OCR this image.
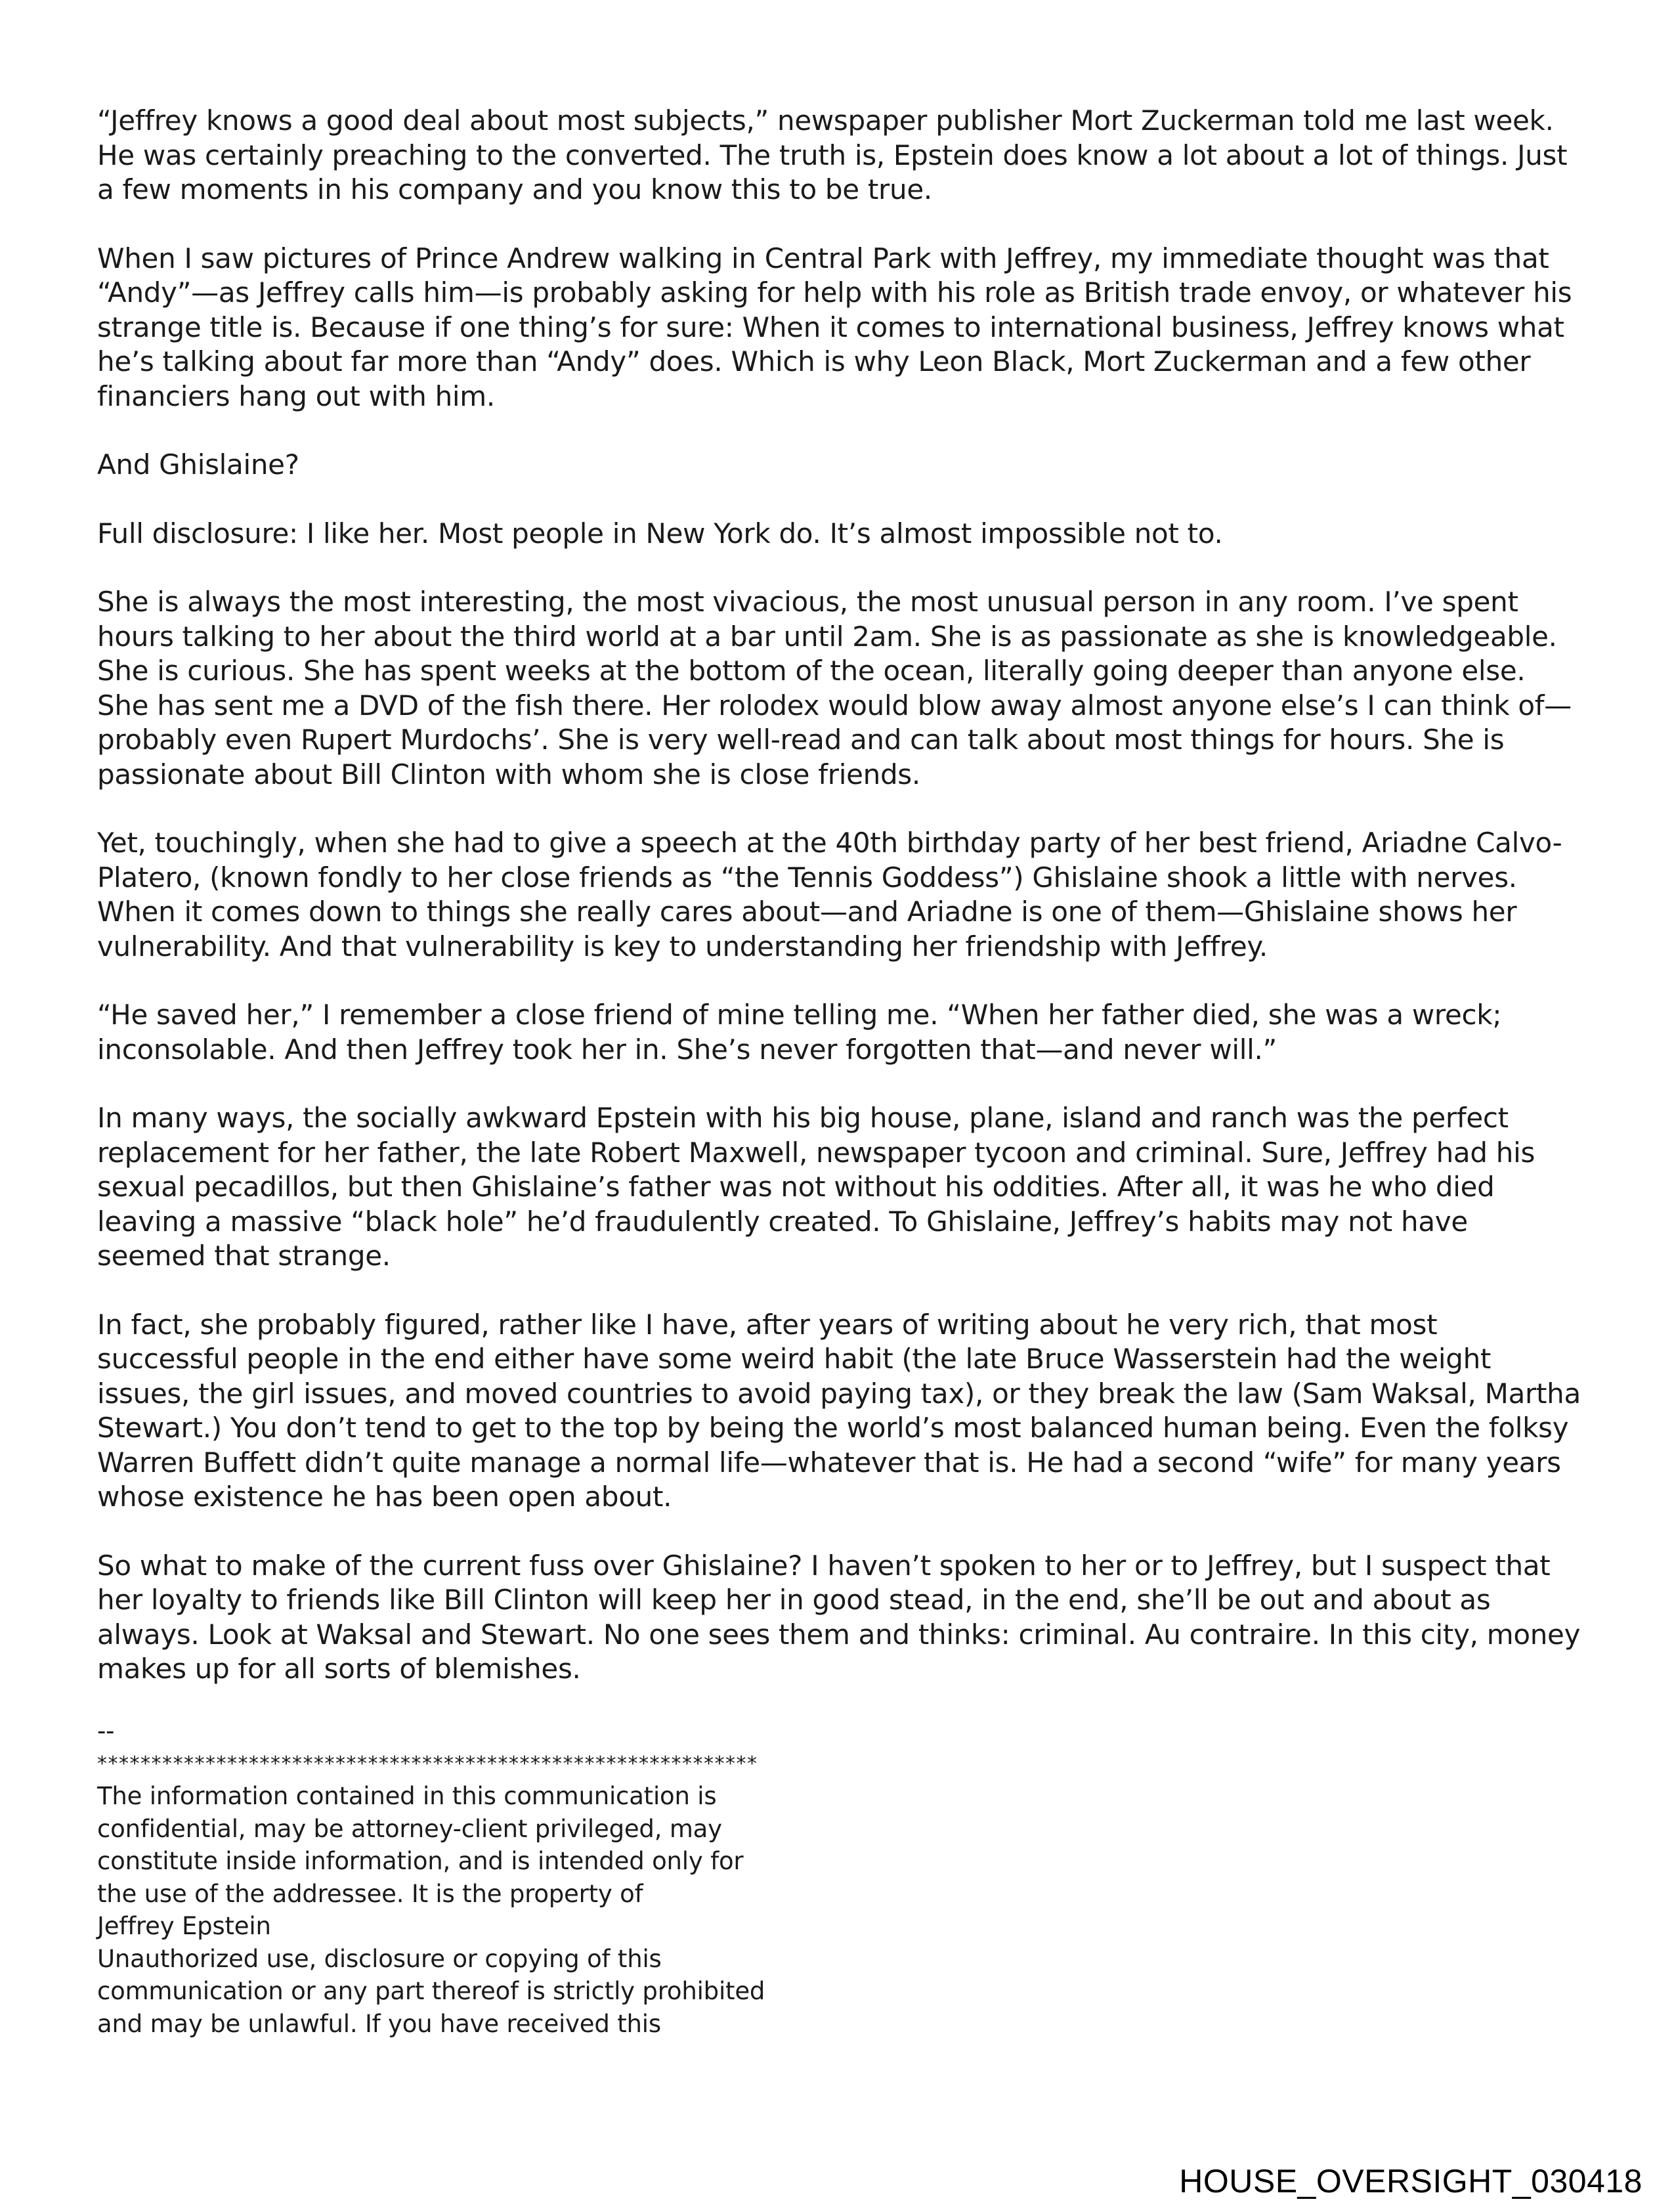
“Jeffrey knows a good deal about most subjects,” newspaper publisher Mort Zuckerman told me last week. He was certainly preaching to the converted. The truth is, Epstein does know a lot about a lot of things. Just a few moments in his company and you know this to be true.

When I saw pictures of Prince Andrew walking in Central Park with Jeffrey, my immediate thought was that “Andy”—as Jeffrey calls him—is probably asking for help with his role as British trade envoy, or whatever his strange title is. Because if one thing’s for sure: When it comes to international business, Jeffrey knows what he’s talking about far more than “Andy” does. Which is why Leon Black, Mort Zuckerman and a few other financiers hang out with him.

And Ghislaine?

Full disclosure: I like her. Most people in New York do. It’s almost impossible not to.

She is always the most interesting, the most vivacious, the most unusual person in any room. I’ve spent hours talking to her about the third world at a bar until 2am. She is as passionate as she is knowledgeable. She is curious. She has spent weeks at the bottom of the ocean, literally going deeper than anyone else. She has sent me a DVD of the fish there. Her rolodex would blow away almost anyone else’s I can think of—probably even Rupert Murdochs’. She is very well-read and can talk about most things for hours. She is passionate about Bill Clinton with whom she is close friends.

Yet, touchingly, when she had to give a speech at the 40th birthday party of her best friend, Ariadne Calvo-Platero, (known fondly to her close friends as “the Tennis Goddess”) Ghislaine shook a little with nerves. When it comes down to things she really cares about—and Ariadne is one of them—Ghislaine shows her vulnerability. And that vulnerability is key to understanding her friendship with Jeffrey.

“He saved her,” I remember a close friend of mine telling me. “When her father died, she was a wreck; inconsolable. And then Jeffrey took her in. She’s never forgotten that—and never will.”

In many ways, the socially awkward Epstein with his big house, plane, island and ranch was the perfect replacement for her father, the late Robert Maxwell, newspaper tycoon and criminal. Sure, Jeffrey had his sexual pecadillos, but then Ghislaine’s father was not without his oddities. After all, it was he who died leaving a massive “black hole” he’d fraudulently created. To Ghislaine, Jeffrey’s habits may not have seemed that strange.

In fact, she probably figured, rather like I have, after years of writing about he very rich, that most successful people in the end either have some weird habit (the late Bruce Wasserstein had the weight issues, the girl issues, and moved countries to avoid paying tax), or they break the law (Sam Waksal, Martha Stewart.) You don’t tend to get to the top by being the world’s most balanced human being. Even the folksy Warren Buffett didn’t quite manage a normal life—whatever that is. He had a second “wife” for many years whose existence he has been open about.

So what to make of the current fuss over Ghislaine? I haven’t spoken to her or to Jeffrey, but I suspect that her loyalty to friends like Bill Clinton will keep her in good stead, in the end, she’ll be out and about as always. Look at Waksal and Stewart. No one sees them and thinks: criminal. Au contraire. In this city, money makes up for all sorts of blemishes.

--
*************************************************************
The information contained in this communication is
confidential, may be attorney-client privileged, may
constitute inside information, and is intended only for
the use of the addressee. It is the property of
Jeffrey Epstein
Unauthorized use, disclosure or copying of this
communication or any part thereof is strictly prohibited
and may be unlawful. If you have received this
HOUSE_OVERSIGHT_030418
